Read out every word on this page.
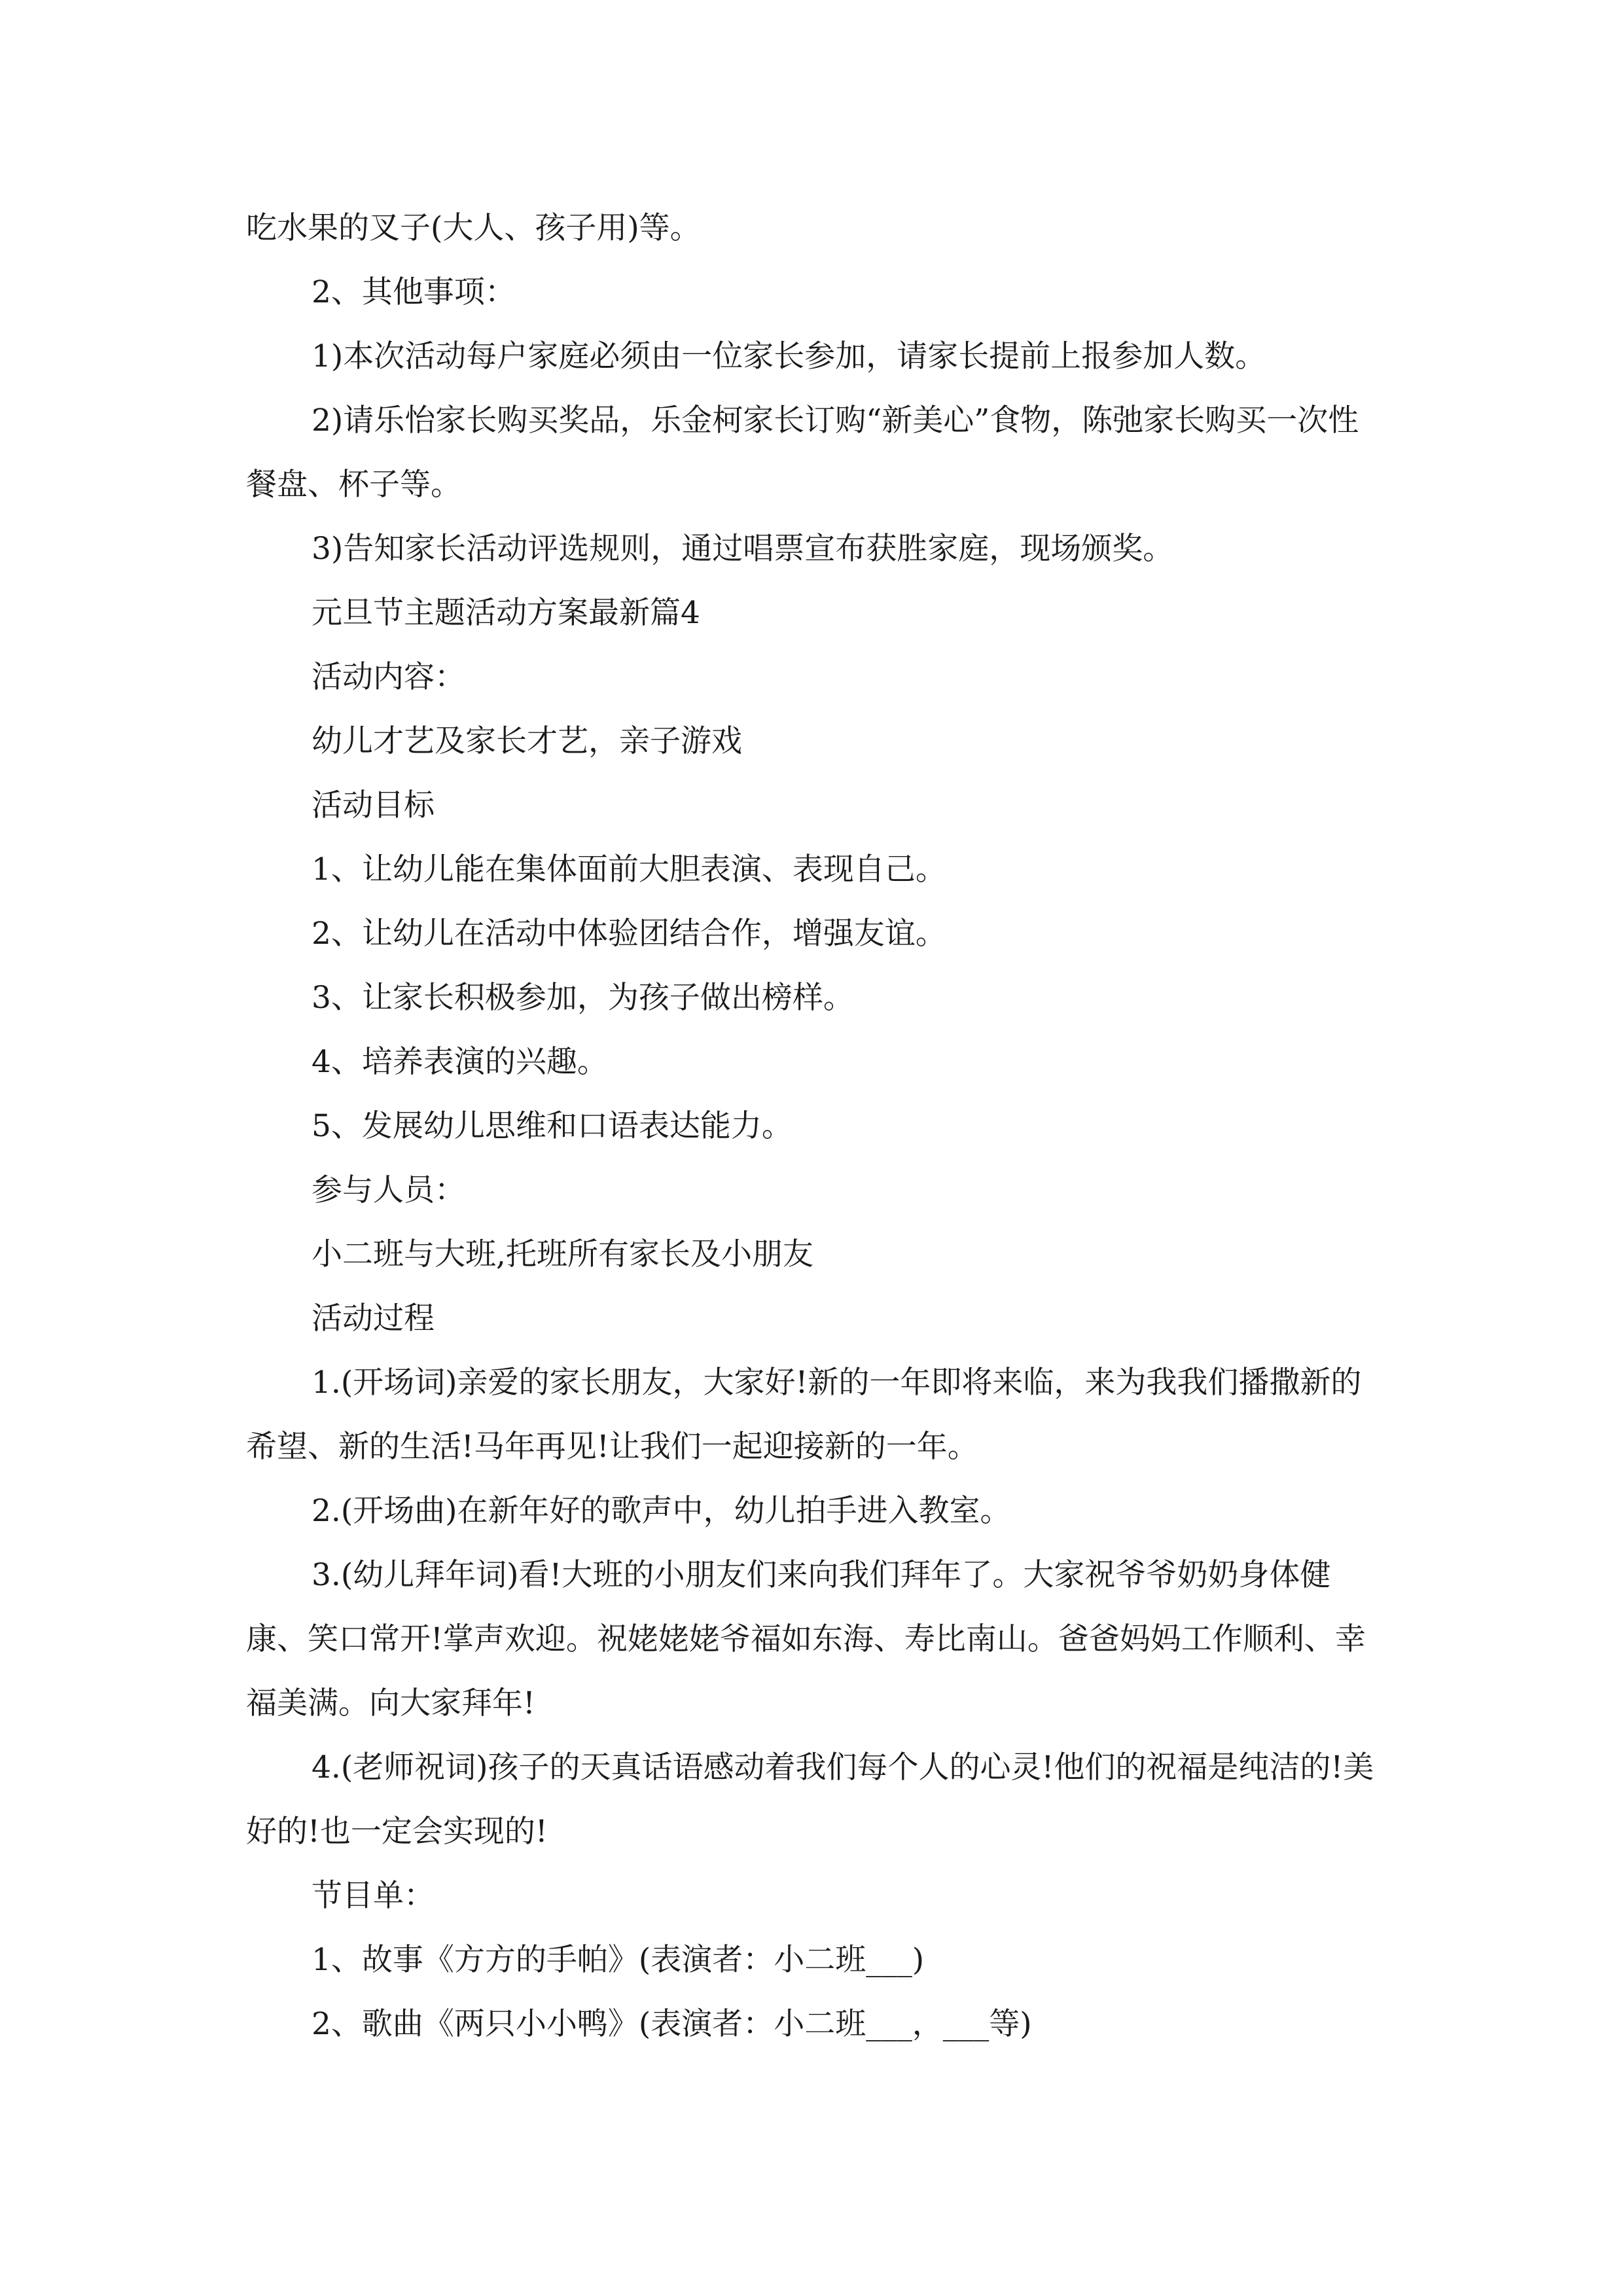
吃水果的叉子(大人、孩子用)等。

2、其他事项：

1)本次活动每户家庭必须由一位家长参加，请家长提前上报参加人数。

2)请乐怡家长购买奖品，乐金柯家长订购“新美心”食物，陈弛家长购买一次性餐盘、杯子等。

3)告知家长活动评选规则，通过唱票宣布获胜家庭，现场颁奖。

元旦节主题活动方案最新篇4

活动内容：

幼儿才艺及家长才艺，亲子游戏

活动目标

1、让幼儿能在集体面前大胆表演、表现自己。

2、让幼儿在活动中体验团结合作，增强友谊。

3、让家长积极参加，为孩子做出榜样。

4、培养表演的兴趣。

5、发展幼儿思维和口语表达能力。

参与人员：

小二班与大班,托班所有家长及小朋友

活动过程

1.(开场词)亲爱的家长朋友，大家好!新的一年即将来临，来为我我们播撒新的希望、新的生活!马年再见!让我们一起迎接新的一年。

2.(开场曲)在新年好的歌声中，幼儿拍手进入教室。

3.(幼儿拜年词)看!大班的小朋友们来向我们拜年了。大家祝爷爷奶奶身体健康、笑口常开!掌声欢迎。祝姥姥姥爷福如东海、寿比南山。爸爸妈妈工作顺利、幸福美满。向大家拜年!

4.(老师祝词)孩子的天真话语感动着我们每个人的心灵!他们的祝福是纯洁的!美好的!也一定会实现的!

节目单：

1、故事《方方的手帕》(表演者：小二班___)

2、歌曲《两只小小鸭》(表演者：小二班___，___等)
